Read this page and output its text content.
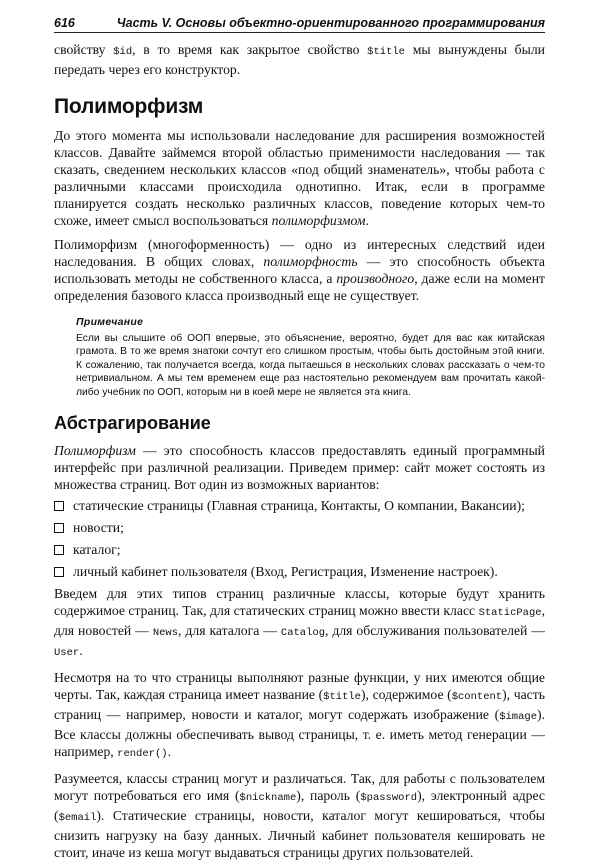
616	Часть V. Основы объектно-ориентированного программирования

свойству $id, в то время как закрытое свойство $title мы вынуждены были передать через его конструктор.

Полиморфизм

До этого момента мы использовали наследование для расширения возможностей классов. Давайте займемся второй областью применимости наследования — так сказать, сведением нескольких классов «под общий знаменатель», чтобы работа с различными классами происходила однотипно. Итак, если в программе планируется создать несколько различных классов, поведение которых чем-то схоже, имеет смысл воспользоваться полиморфизмом.

Полиморфизм (многоформенность) — одно из интересных следствий идеи наследования. В общих словах, полиморфность — это способность объекта использовать методы не собственного класса, а производного, даже если на момент определения базового класса производный еще не существует.

Примечание
Если вы слышите об ООП впервые, это объяснение, вероятно, будет для вас как китайская грамота. В то же время знатоки сочтут его слишком простым, чтобы быть достойным этой книги. К сожалению, так получается всегда, когда пытаешься в нескольких словах рассказать о чем-то нетривиальном. А мы тем временем еще раз настоятельно рекомендуем вам прочитать какой-либо учебник по ООП, которым ни в коей мере не является эта книга.
Абстрагирование

Полиморфизм — это способность классов предоставлять единый программный интерфейс при различной реализации. Приведем пример: сайт может состоять из множества страниц. Вот один из возможных вариантов:

статические страницы (Главная страница, Контакты, О компании, Вакансии);
новости;
каталог;
личный кабинет пользователя (Вход, Регистрация, Изменение настроек).

Введем для этих типов страниц различные классы, которые будут хранить содержимое страниц. Так, для статических страниц можно ввести класс StaticPage, для новостей — News, для каталога — Catalog, для обслуживания пользователей — User.

Несмотря на то что страницы выполняют разные функции, у них имеются общие черты. Так, каждая страница имеет название ($title), содержимое ($content), часть страниц — например, новости и каталог, могут содержать изображение ($image). Все классы должны обеспечивать вывод страницы, т. е. иметь метод генерации — например, render().

Разумеется, классы страниц могут и различаться. Так, для работы с пользователем могут потребоваться его имя ($nickname), пароль ($password), электронный адрес ($email). Статические страницы, новости, каталог могут кешироваться, чтобы снизить нагрузку на базу данных. Личный кабинет пользователя кешировать не стоит, иначе из кеша могут выдаваться страницы других пользователей.
